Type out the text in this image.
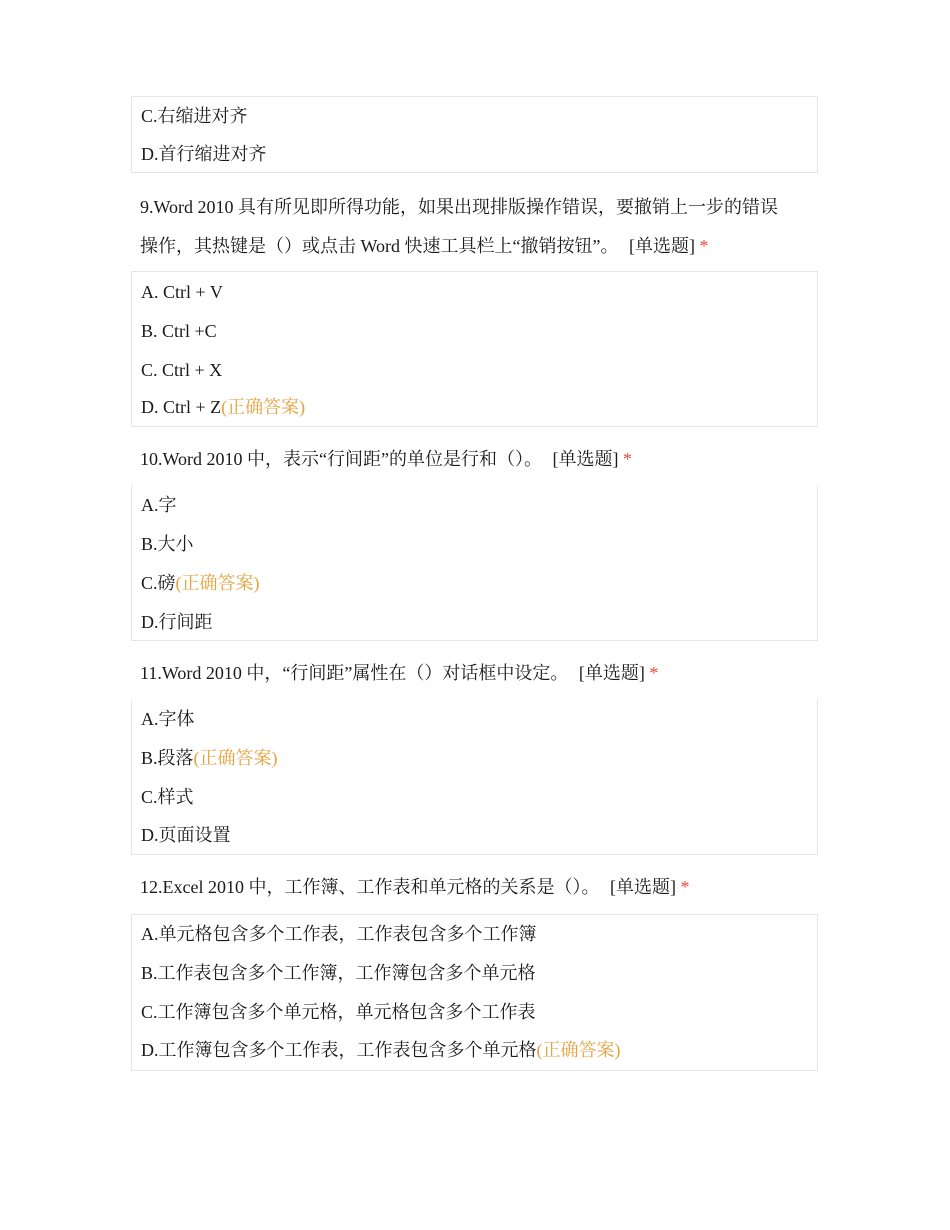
C.右缩进对齐
D.首行缩进对齐
9.Word 2010 具有所见即所得功能，如果出现排版操作错误，要撤销上一步的错误
操作，其热键是（）或点击 Word 快速工具栏上“撤销按钮”。 [单选题] *
A. Ctrl + V
B. Ctrl +C
C. Ctrl + X
D. Ctrl + Z(正确答案)
10.Word 2010 中，表示“行间距”的单位是行和（）。 [单选题] *
A.字
B.大小
C.磅(正确答案)
D.行间距
11.Word 2010 中，“行间距”属性在（）对话框中设定。 [单选题] *
A.字体
B.段落(正确答案)
C.样式
D.页面设置
12.Excel 2010 中，工作簿、工作表和单元格的关系是（）。 [单选题] *
A.单元格包含多个工作表，工作表包含多个工作簿
B.工作表包含多个工作簿，工作簿包含多个单元格
C.工作簿包含多个单元格，单元格包含多个工作表
D.工作簿包含多个工作表，工作表包含多个单元格(正确答案)
